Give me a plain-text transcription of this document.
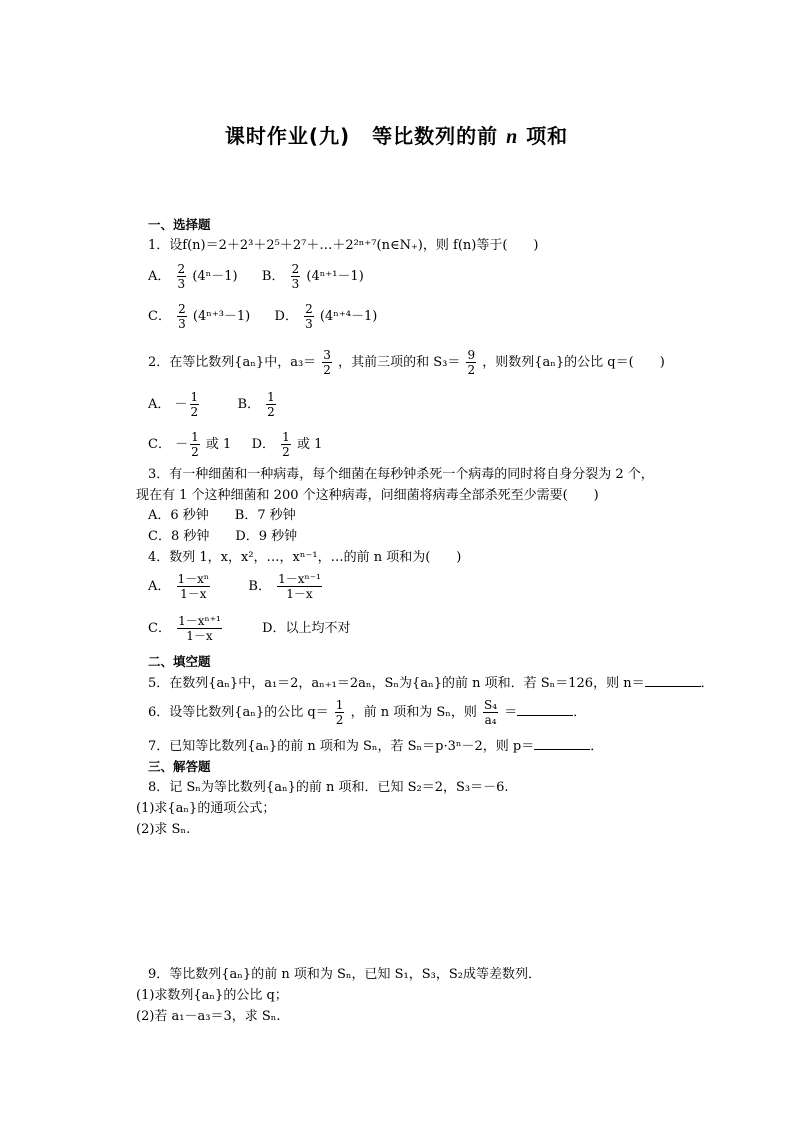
课时作业(九) 等比数列的前 n 项和
一、选择题
1．设f(n)＝2＋2³＋2⁵＋2⁷＋…＋2²ⁿ⁺⁷(n∈N₊)，则 f(n)等于(　　)
A． $\frac{2}{3} (4^n-1)$ B． $\frac{2}{3} (4^{n+1}-1)$
C． $\frac{2}{3} (4^{n+3}-1)$ D． $\frac{2}{3} (4^{n+4}-1)$
2．在等比数列{aₙ}中，$a_3= \frac{3}{2}$ ，其前三项的和 $S_3= \frac{9}{2}$ ，则数列{aₙ}的公比 q＝(　　)
A． － $\frac{1}{2}$	B． $\frac{1}{2}$
C． － $\frac{1}{2}$ 或 1 D． $\frac{1}{2}$ 或 1
3．有一种细菌和一种病毒，每个细菌在每秒钟杀死一个病毒的同时将自身分裂为 2 个，
现在有 1 个这种细菌和 200 个这种病毒，问细菌将病毒全部杀死至少需要(　　)
A．6 秒钟　　B．7 秒钟
C．8 秒钟　　D．9 秒钟
4．数列 1，x，x²，…，xⁿ⁻¹，…的前 n 项和为(　　)
A． $\frac{\text{1－xⁿ}}{1-x}$	B． $\frac{\text{1－xⁿ⁻¹}}{1-x}$
C． $\frac{\text{1－xⁿ⁺¹}}{1-x}$	D．以上均不对
二、填空题
5．在数列{aₙ}中，a₁＝2，aₙ₊₁＝2aₙ，Sₙ为{aₙ}的前 n 项和．若 Sₙ＝126，则 n＝	．
6．设等比数列{aₙ}的公比 $q= \frac{1}{2}$ ，前 n 项和为 Sₙ，则 $\frac{\text{S₄}}{\text{a₄}}$ ＝	．
7．已知等比数列{aₙ}的前 n 项和为 Sₙ，若 Sₙ＝p·3ⁿ－2，则 p＝	．
三、解答题
8．记 Sₙ为等比数列{aₙ}的前 n 项和．已知 S₂＝2，S₃＝－6.
(1)求{aₙ}的通项公式；
(2)求 Sₙ.
9．等比数列{aₙ}的前 n 项和为 Sₙ，已知 S₁，S₃，S₂成等差数列．
(1)求数列{aₙ}的公比 q；
(2)若 a₁－a₃＝3，求 Sₙ.
